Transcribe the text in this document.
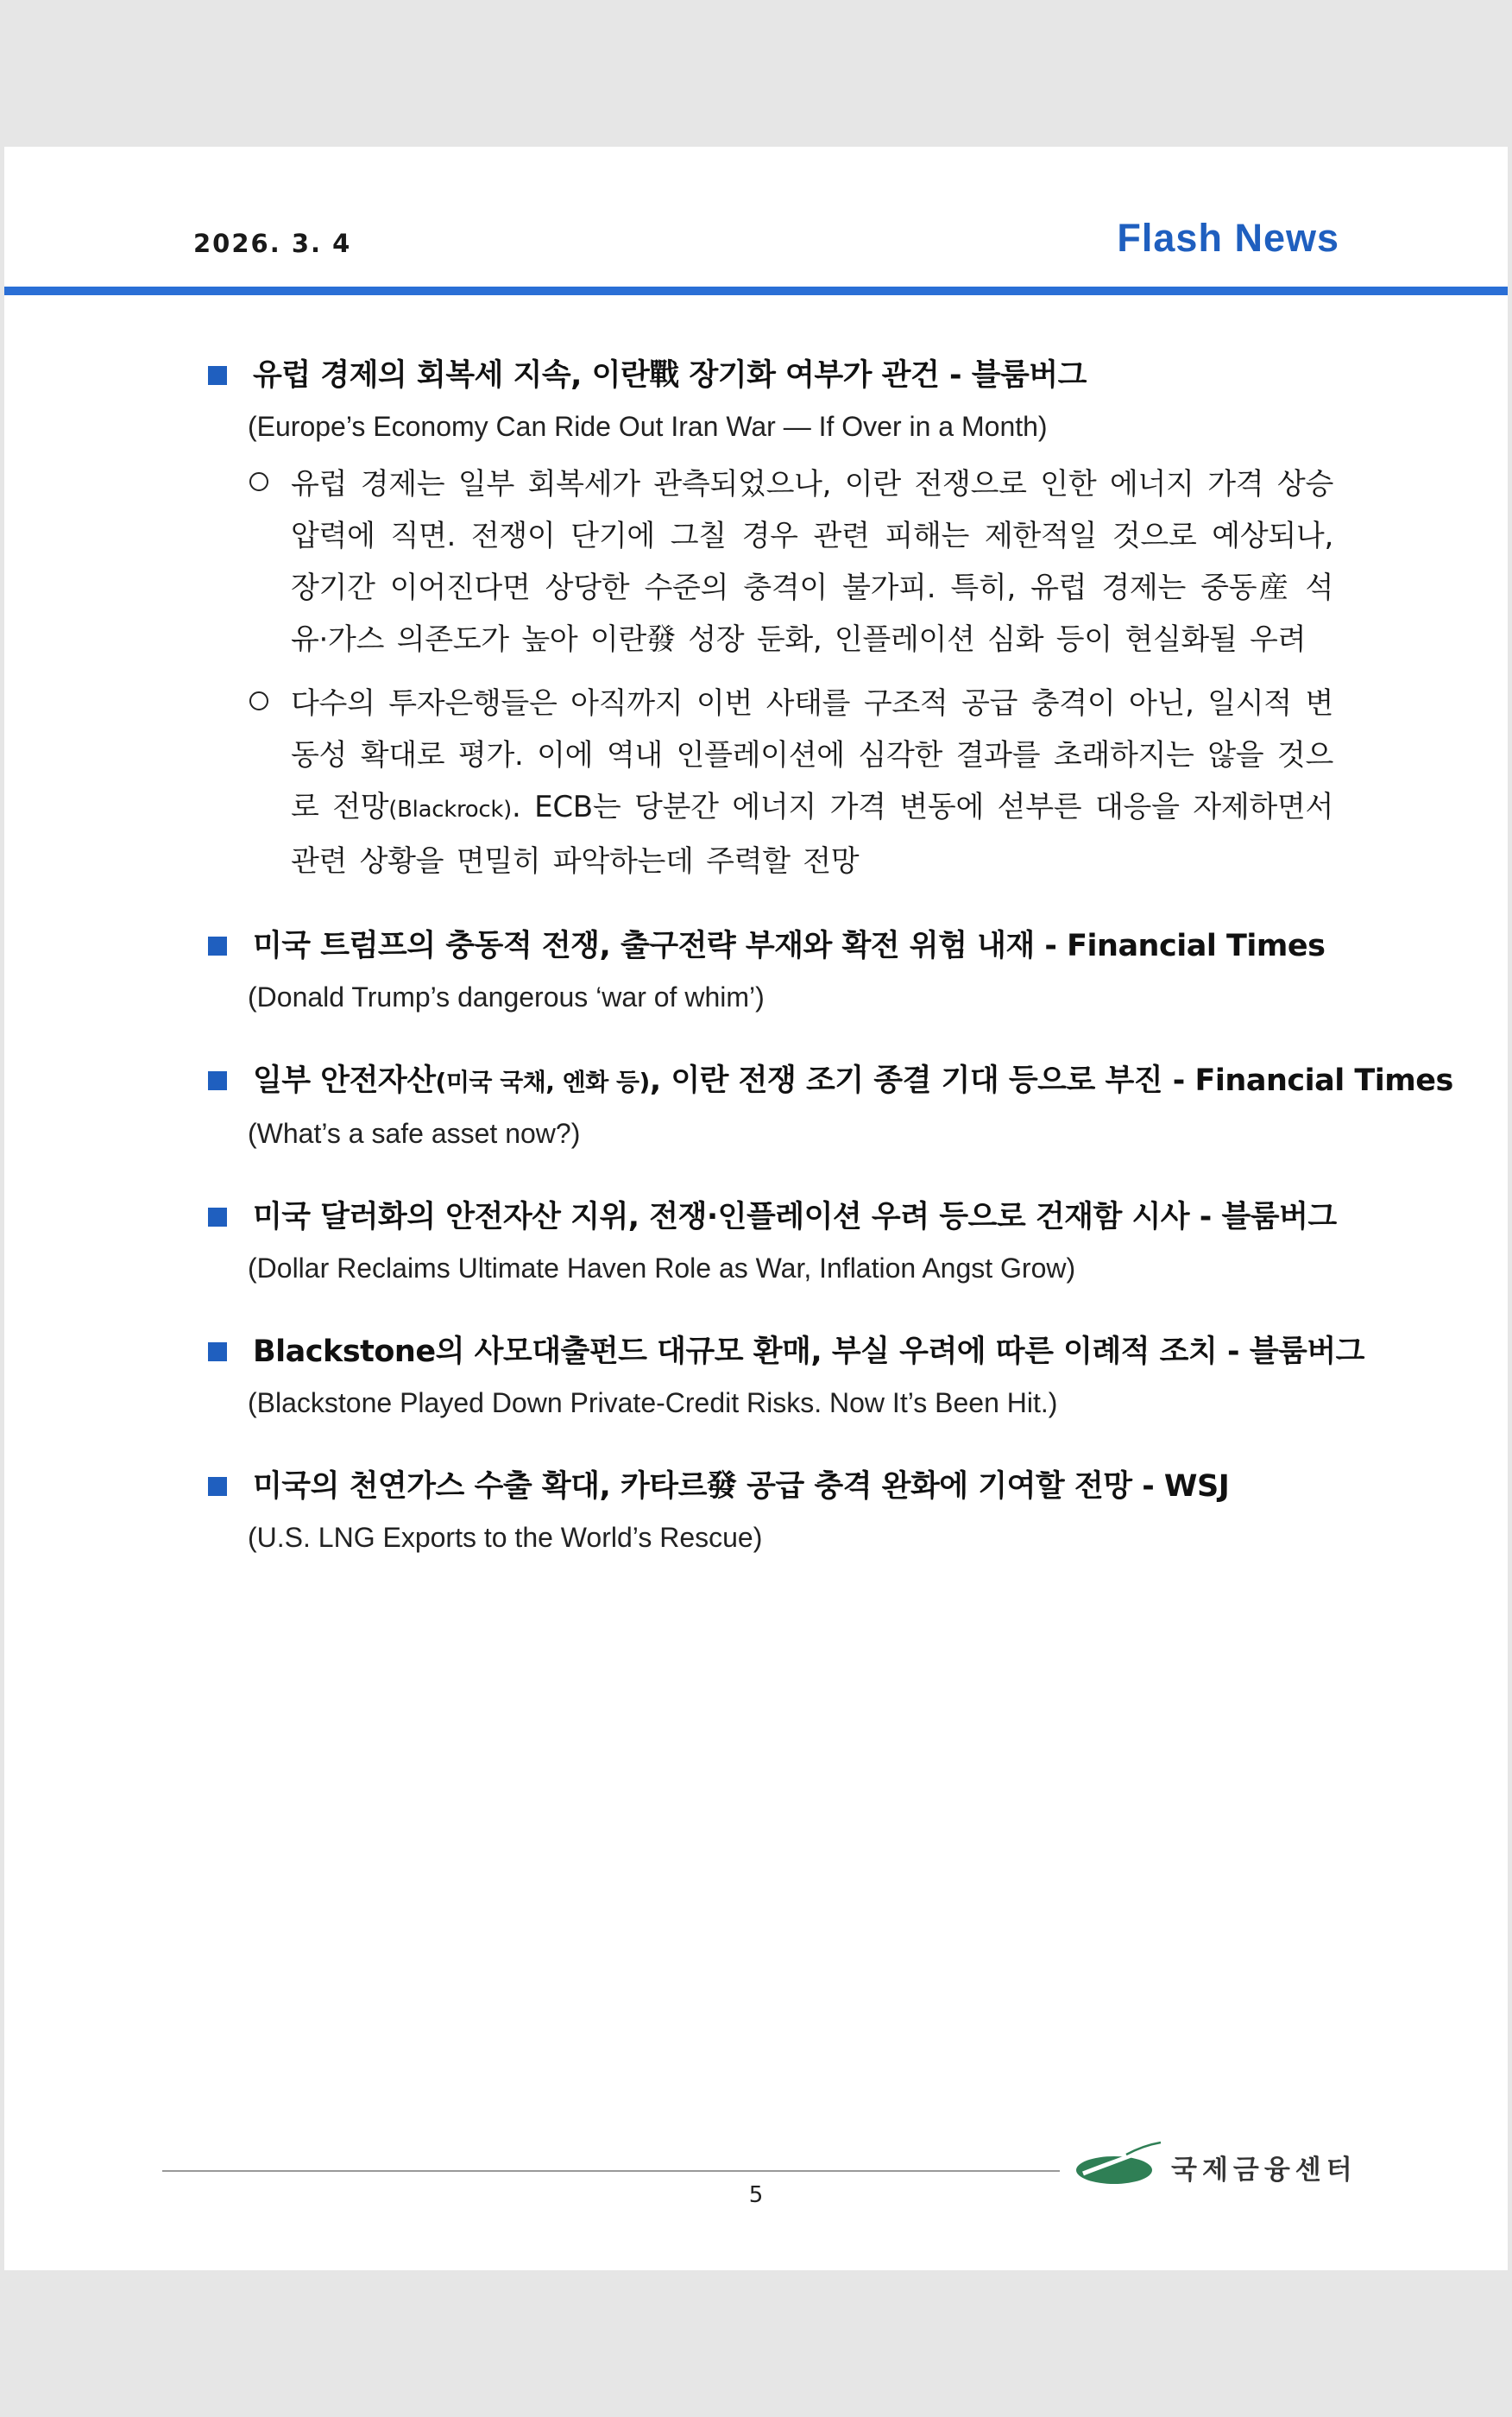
2026. 3. 4	Flash News
유럽 경제의 회복세 지속, 이란戰 장기화 여부가 관건 - 블룸버그
(Europe’s Economy Can Ride Out Iran War — If Over in a Month)
유럽 경제는 일부 회복세가 관측되었으나, 이란 전쟁으로 인한 에너지 가격 상승 압력에 직면. 전쟁이 단기에 그칠 경우 관련 피해는 제한적일 것으로 예상되나, 장기간 이어진다면 상당한 수준의 충격이 불가피. 특히, 유럽 경제는 중동産 석유·가스 의존도가 높아 이란發 성장 둔화, 인플레이션 심화 등이 현실화될 우려
다수의 투자은행들은 아직까지 이번 사태를 구조적 공급 충격이 아닌, 일시적 변동성 확대로 평가. 이에 역내 인플레이션에 심각한 결과를 초래하지는 않을 것으로 전망(Blackrock). ECB는 당분간 에너지 가격 변동에 섣부른 대응을 자제하면서 관련 상황을 면밀히 파악하는데 주력할 전망
미국 트럼프의 충동적 전쟁, 출구전략 부재와 확전 위험 내재 - Financial Times
(Donald Trump’s dangerous ‘war of whim’)
일부 안전자산(미국 국채, 엔화 등), 이란 전쟁 조기 종결 기대 등으로 부진 - Financial Times
(What’s a safe asset now?)
미국 달러화의 안전자산 지위, 전쟁·인플레이션 우려 등으로 건재함 시사 - 블룸버그
(Dollar Reclaims Ultimate Haven Role as War, Inflation Angst Grow)
Blackstone의 사모대출펀드 대규모 환매, 부실 우려에 따른 이례적 조치 - 블룸버그
(Blackstone Played Down Private-Credit Risks. Now It’s Been Hit.)
미국의 천연가스 수출 확대, 카타르發 공급 충격 완화에 기여할 전망 - WSJ
(U.S. LNG Exports to the World’s Rescue)
5
국제금융센터
